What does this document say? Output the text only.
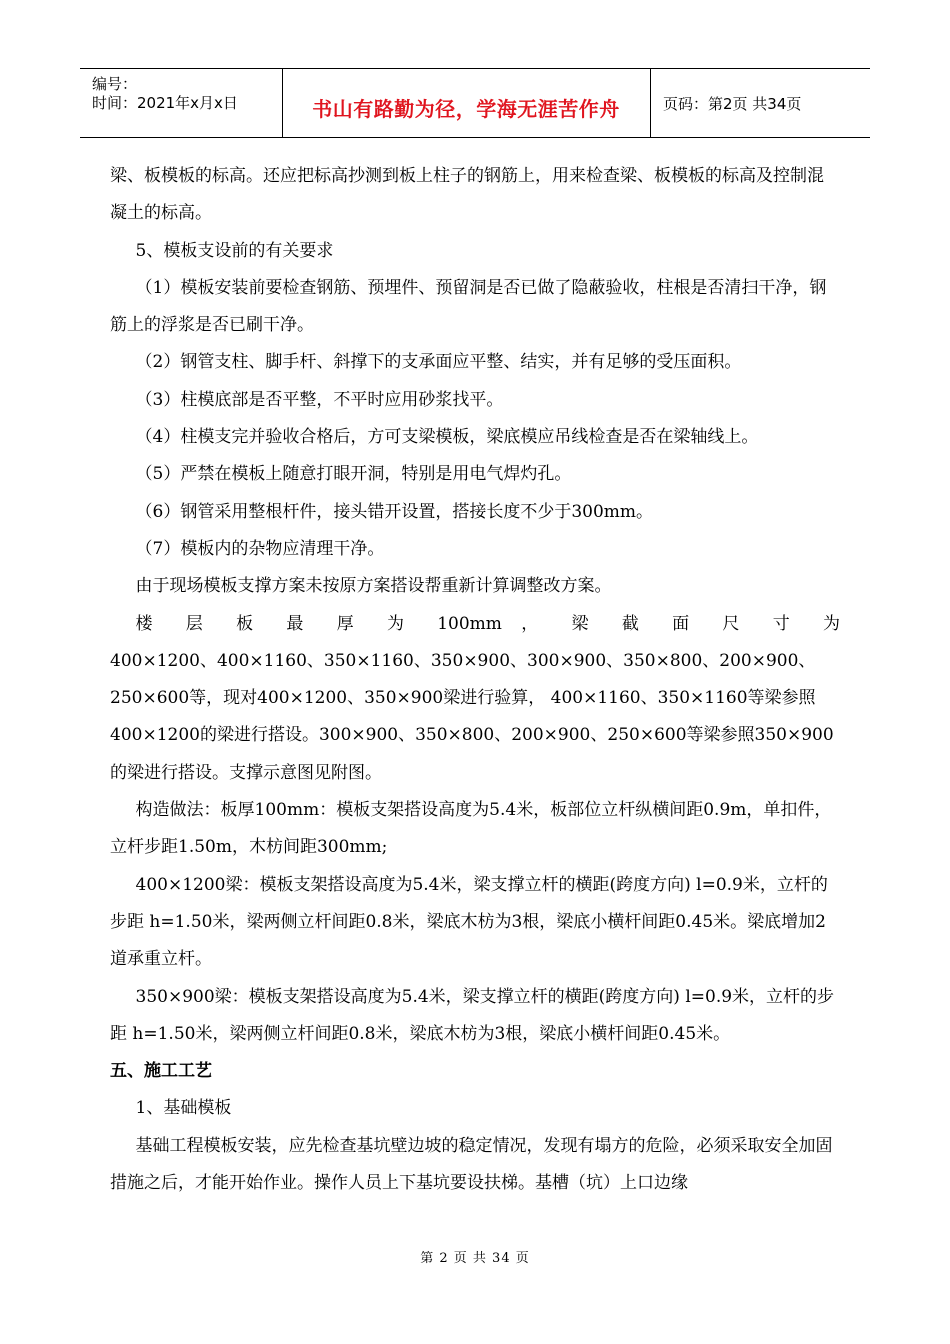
编号：
时间：2021年x月x日	书山有路勤为径，学海无涯苦作舟	页码：第2页 共34页

梁、板模板的标高。还应把标高抄测到板上柱子的钢筋上，用来检查梁、板模板的标高及控制混凝土的标高。

5、模板支设前的有关要求

（1）模板安装前要检查钢筋、预埋件、预留洞是否已做了隐蔽验收，柱根是否清扫干净，钢筋上的浮浆是否已刷干净。

（2）钢管支柱、脚手杆、斜撑下的支承面应平整、结实，并有足够的受压面积。

（3）柱模底部是否平整，不平时应用砂浆找平。

（4）柱模支完并验收合格后，方可支梁模板，梁底模应吊线检查是否在梁轴线上。

（5）严禁在模板上随意打眼开洞，特别是用电气焊灼孔。

（6）钢管采用整根杆件，接头错开设置，搭接长度不少于300mm。

（7）模板内的杂物应清理干净。

由于现场模板支撑方案未按原方案搭设帮重新计算调整改方案。

楼 层 板 最 厚 为 100mm ， 梁 截 面 尺 寸 为

400×1200、400×1160、350×1160、350×900、300×900、350×800、200×900、250×600等，现对400×1200、350×900梁进行验算， 400×1160、350×1160等梁参照400×1200的梁进行搭设。300×900、350×800、200×900、250×600等梁参照350×900的梁进行搭设。支撑示意图见附图。

构造做法：板厚100mm：模板支架搭设高度为5.4米，板部位立杆纵横间距0.9m，单扣件，立杆步距1.50m，木枋间距300mm;

400×1200梁：模板支架搭设高度为5.4米，梁支撑立杆的横距(跨度方向) l=0.9米，立杆的步距 h=1.50米，梁两侧立杆间距0.8米，梁底木枋为3根，梁底小横杆间距0.45米。梁底增加2道承重立杆。

350×900梁：模板支架搭设高度为5.4米，梁支撑立杆的横距(跨度方向) l=0.9米，立杆的步距 h=1.50米，梁两侧立杆间距0.8米，梁底木枋为3根，梁底小横杆间距0.45米。

五、施工工艺

1、基础模板

基础工程模板安装，应先检查基坑壁边坡的稳定情况，发现有塌方的危险，必须采取安全加固措施之后，才能开始作业。操作人员上下基坑要设扶梯。基槽（坑）上口边缘

第 2 页 共 34 页
